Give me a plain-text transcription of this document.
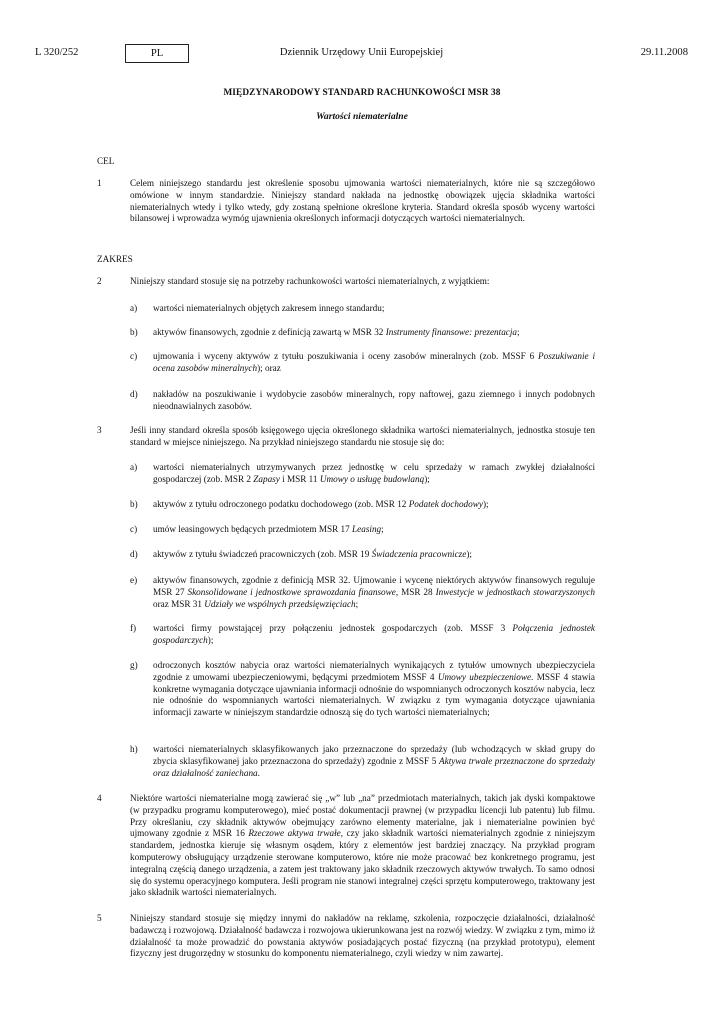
L 320/252	PL	Dziennik Urzędowy Unii Europejskiej	29.11.2008
MIĘDZYNARODOWY STANDARD RACHUNKOWOŚCI MSR 38
Wartości niematerialne
CEL
1	Celem niniejszego standardu jest określenie sposobu ujmowania wartości niematerialnych, które nie są szczegółowo omówione w innym standardzie. Niniejszy standard nakłada na jednostkę obowiązek ujęcia składnika wartości niematerialnych wtedy i tylko wtedy, gdy zostaną spełnione określone kryteria. Standard określa sposób wyceny wartości bilansowej i wprowadza wymóg ujawnienia określonych informacji dotyczących wartości niematerialnych.
ZAKRES
2	Niniejszy standard stosuje się na potrzeby rachunkowości wartości niematerialnych, z wyjątkiem:
a) wartości niematerialnych objętych zakresem innego standardu;
b) aktywów finansowych, zgodnie z definicją zawartą w MSR 32 Instrumenty finansowe: prezentacja;
c) ujmowania i wyceny aktywów z tytułu poszukiwania i oceny zasobów mineralnych (zob. MSSF 6 Poszukiwanie i ocena zasobów mineralnych); oraz
d) nakładów na poszukiwanie i wydobycie zasobów mineralnych, ropy naftowej, gazu ziemnego i innych podobnych nieodnawialnych zasobów.
3	Jeśli inny standard określa sposób księgowego ujęcia określonego składnika wartości niematerialnych, jednostka stosuje ten standard w miejsce niniejszego. Na przykład niniejszego standardu nie stosuje się do:
a) wartości niematerialnych utrzymywanych przez jednostkę w celu sprzedaży w ramach zwykłej działalności gospodarczej (zob. MSR 2 Zapasy i MSR 11 Umowy o usługę budowlaną);
b) aktywów z tytułu odroczonego podatku dochodowego (zob. MSR 12 Podatek dochodowy);
c) umów leasingowych będących przedmiotem MSR 17 Leasing;
d) aktywów z tytułu świadczeń pracowniczych (zob. MSR 19 Świadczenia pracownicze);
e) aktywów finansowych, zgodnie z definicją MSR 32. Ujmowanie i wycenę niektórych aktywów finansowych reguluje MSR 27 Skonsolidowane i jednostkowe sprawozdania finansowe, MSR 28 Inwestycje w jednostkach stowarzyszonych oraz MSR 31 Udziały we wspólnych przedsięwzięciach;
f) wartości firmy powstającej przy połączeniu jednostek gospodarczych (zob. MSSF 3 Połączenia jednostek gospodarczych);
g) odroczonych kosztów nabycia oraz wartości niematerialnych wynikających z tytułów umownych ubezpieczyciela zgodnie z umowami ubezpieczeniowymi, będącymi przedmiotem MSSF 4 Umowy ubezpieczeniowe. MSSF 4 stawia konkretne wymagania dotyczące ujawniania informacji odnośnie do wspomnianych odroczonych kosztów nabycia, lecz nie odnośnie do wspomnianych wartości niematerialnych. W związku z tym wymagania dotyczące ujawniania informacji zawarte w niniejszym standardzie odnoszą się do tych wartości niematerialnych;
h) wartości niematerialnych sklasyfikowanych jako przeznaczone do sprzedaży (lub wchodzących w skład grupy do zbycia sklasyfikowanej jako przeznaczona do sprzedaży) zgodnie z MSSF 5 Aktywa trwałe przeznaczone do sprzedaży oraz działalność zaniechana.
4	Niektóre wartości niematerialne mogą zawierać się „w” lub „na” przedmiotach materialnych, takich jak dyski kompaktowe (w przypadku programu komputerowego), mieć postać dokumentacji prawnej (w przypadku licencji lub patentu) lub filmu. Przy określaniu, czy składnik aktywów obejmujący zarówno elementy materialne, jak i niematerialne powinien być ujmowany zgodnie z MSR 16 Rzeczowe aktywa trwałe, czy jako składnik wartości niematerialnych zgodnie z niniejszym standardem, jednostka kieruje się własnym osądem, który z elementów jest bardziej znaczący. Na przykład program komputerowy obsługujący urządzenie sterowane komputerowo, które nie może pracować bez konkretnego programu, jest integralną częścią danego urządzenia, a zatem jest traktowany jako składnik rzeczowych aktywów trwałych. To samo odnosi się do systemu operacyjnego komputera. Jeśli program nie stanowi integralnej części sprzętu komputerowego, traktowany jest jako składnik wartości niematerialnych.
5	Niniejszy standard stosuje się między innymi do nakładów na reklamę, szkolenia, rozpoczęcie działalności, działalność badawczą i rozwojową. Działalność badawcza i rozwojowa ukierunkowana jest na rozwój wiedzy. W związku z tym, mimo iż działalność ta może prowadzić do powstania aktywów posiadających postać fizyczną (na przykład prototypu), element fizyczny jest drugorzędny w stosunku do komponentu niematerialnego, czyli wiedzy w nim zawartej.
